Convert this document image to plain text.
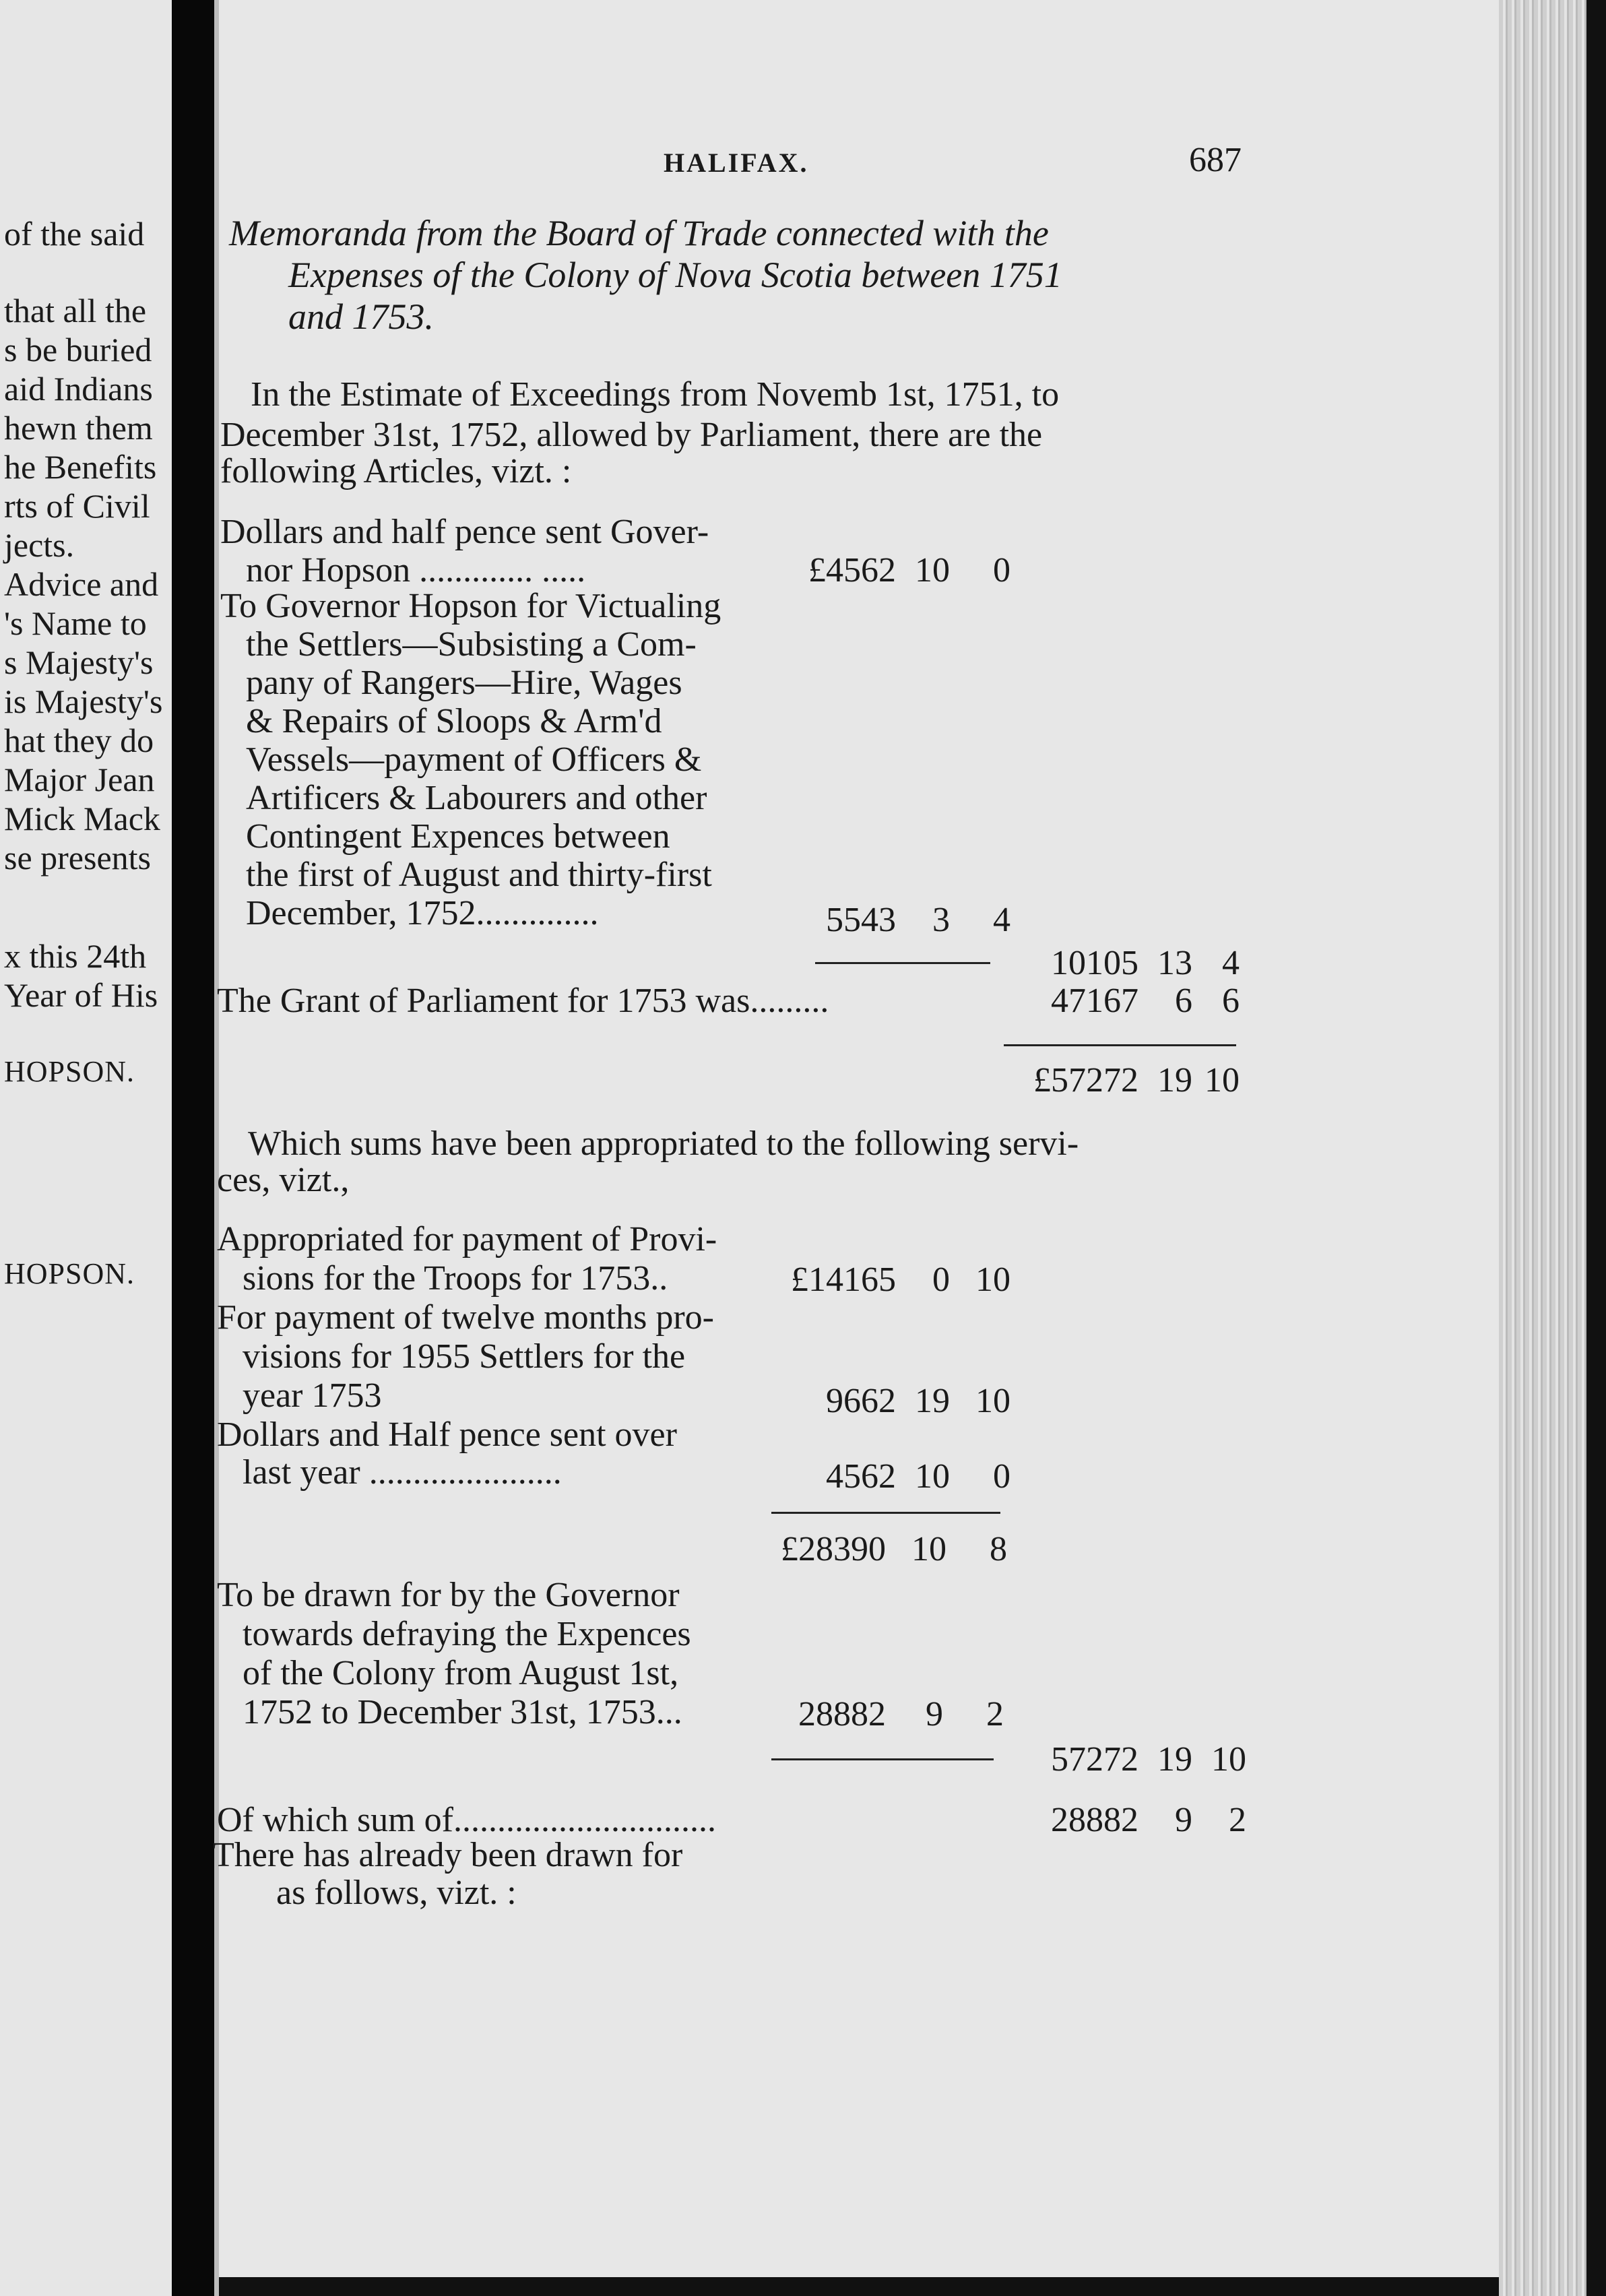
of the said
that all the
s be buried
aid Indians
hewn them
he Benefits
rts of Civil
jects.
Advice and
's Name to
s Majesty's
is Majesty's
hat they do
Major Jean
Mick Mack
se presents
x this 24th
Year of His
HOPSON.
HOPSON.
HALIFAX.	687
Memoranda from the Board of Trade connected with the
Expenses of the Colony of Nova Scotia between 1751
and 1753.
In the Estimate of Exceedings from Novemb 1st, 1751, to
December 31st, 1752, allowed by Parliament, there are the
following Articles, vizt. :
Dollars and half pence sent Gover-
nor Hopson ............. .....	£4562 10	0
To Governor Hopson for Victualing
the Settlers—Subsisting a Com-
pany of Rangers—Hire, Wages
& Repairs of Sloops & Arm'd
Vessels—payment of Officers &
Artificers & Labourers and other
Contingent Expences between
the first of August and thirty-first
December, 1752..............	5543	3	4
10105 13 4
The Grant of Parliament for 1753 was.........	47167	6 6
£57272 19 10
Which sums have been appropriated to the following servi-
ces, vizt.,
Appropriated for payment of Provi-
sions for the Troops for 1753..	£14165	0 10
For payment of twelve months pro-
visions for 1955 Settlers for the
year 1753	9662 19 10
Dollars and Half pence sent over
last year ......................	4562 10	0
£28390 10	8
To be drawn for by the Governor
towards defraying the Expences
of the Colony from August 1st,
1752 to December 31st, 1753...	28882	9	2
57272 19 10
Of which sum of..............................	28882	9	2
There has already been drawn for
as follows, vizt. :
